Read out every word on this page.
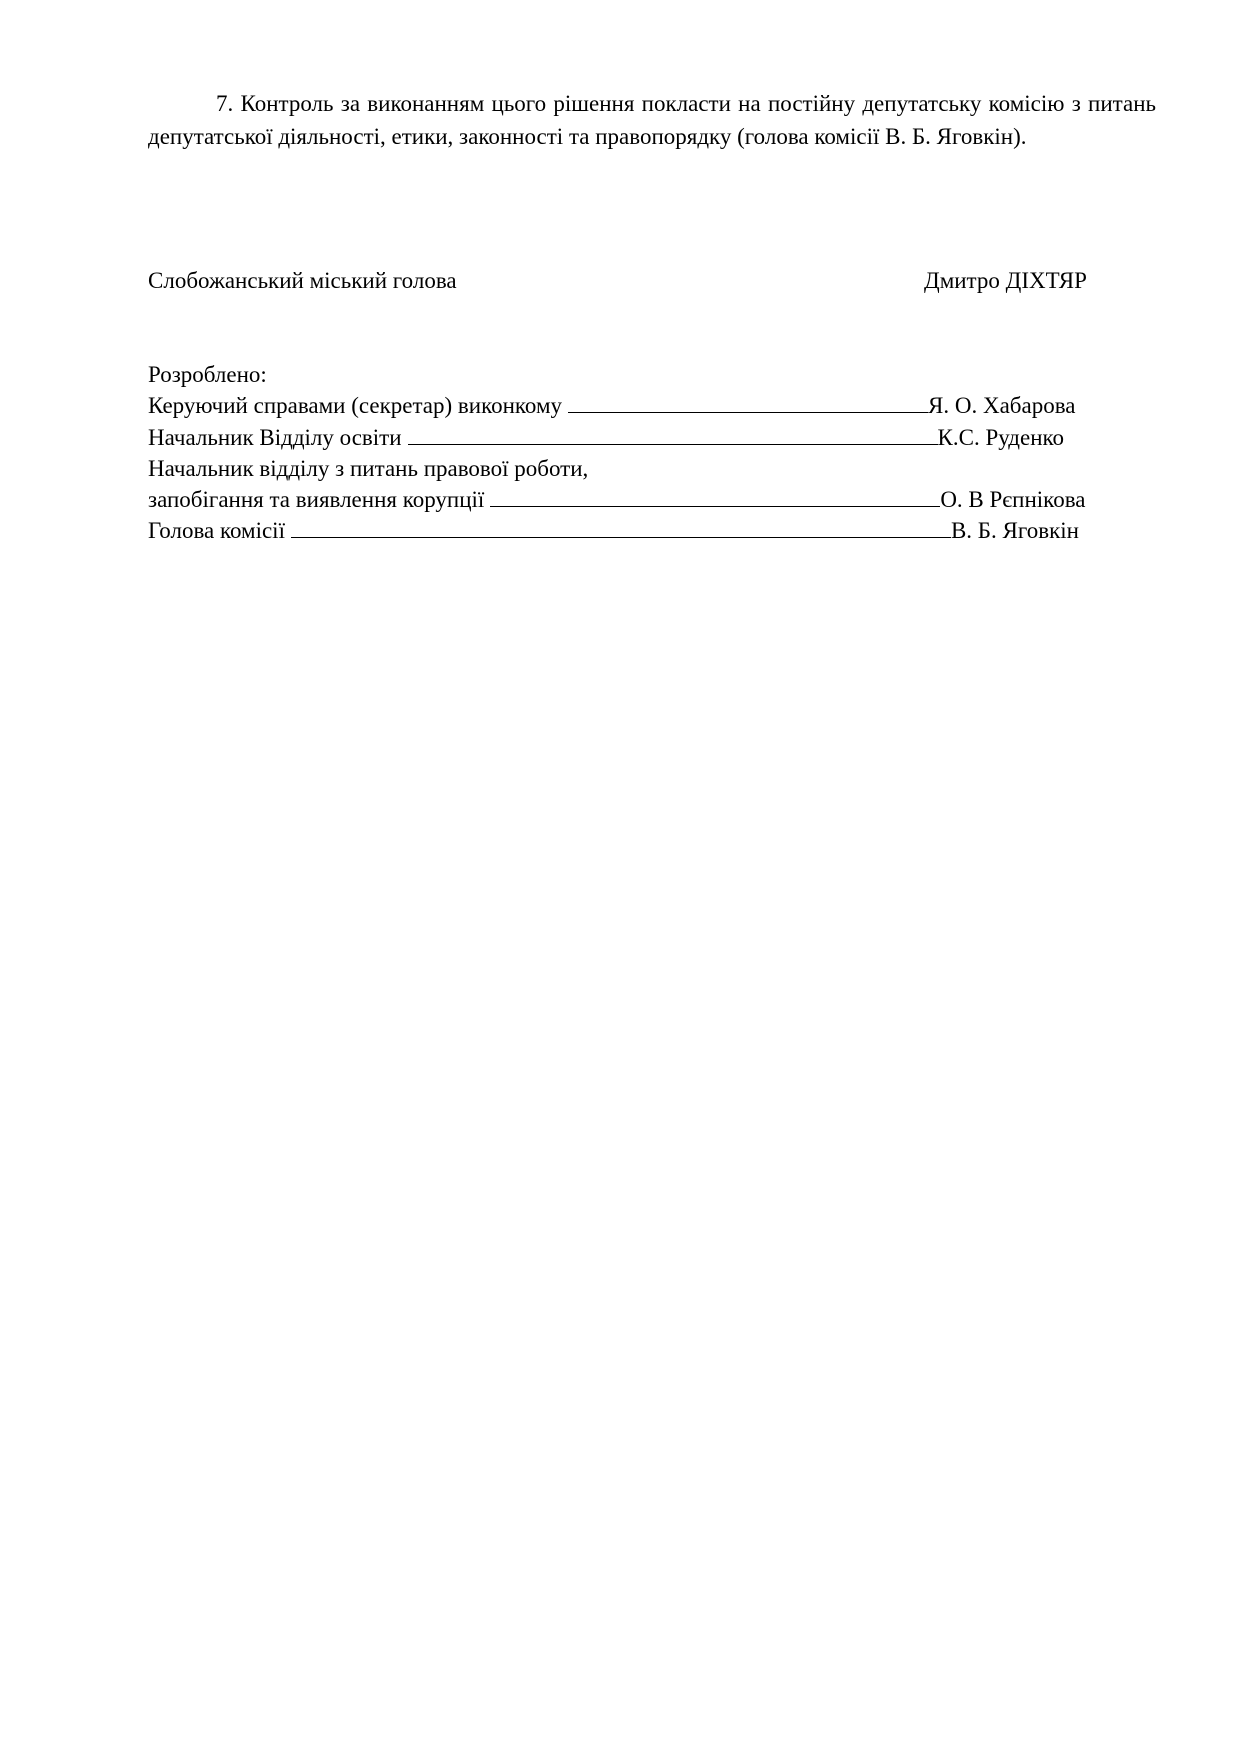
7. Контроль за виконанням цього рішення покласти на постійну депутатську комісію з питань депутатської діяльності, етики, законності та правопорядку (голова комісії В. Б. Яговкін).
Слобожанський міський голова	Дмитро ДІХТЯР
Розроблено:
Керуючий справами (секретар) виконкому	Я. О. Хабарова
Начальник Відділу освіти	К.С. Руденко
Начальник відділу з питань правової роботи,
запобігання та виявлення корупції	О. В Рєпнікова
Голова комісії	В. Б. Яговкін
